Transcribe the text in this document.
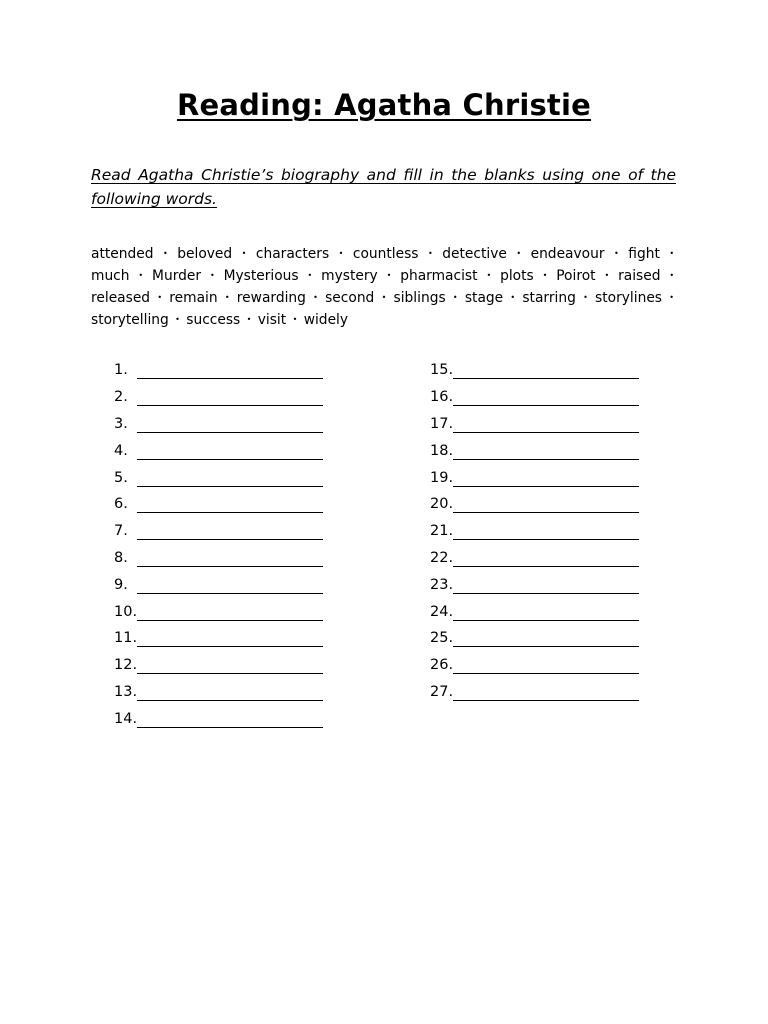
Reading: Agatha Christie
Read Agatha Christie’s biography and fill in the blanks using one of the following words.
attended • beloved • characters • countless • detective • endeavour • fight • much • Murder • Mysterious • mystery • pharmacist • plots • Poirot • raised • released • remain • rewarding • second • siblings • stage • starring • storylines • storytelling • success • visit • widely
1.
2.
3.
4.
5.
6.
7.
8.
9.
10.
11.
12.
13.
14.
15.
16.
17.
18.
19.
20.
21.
22.
23.
24.
25.
26.
27.
